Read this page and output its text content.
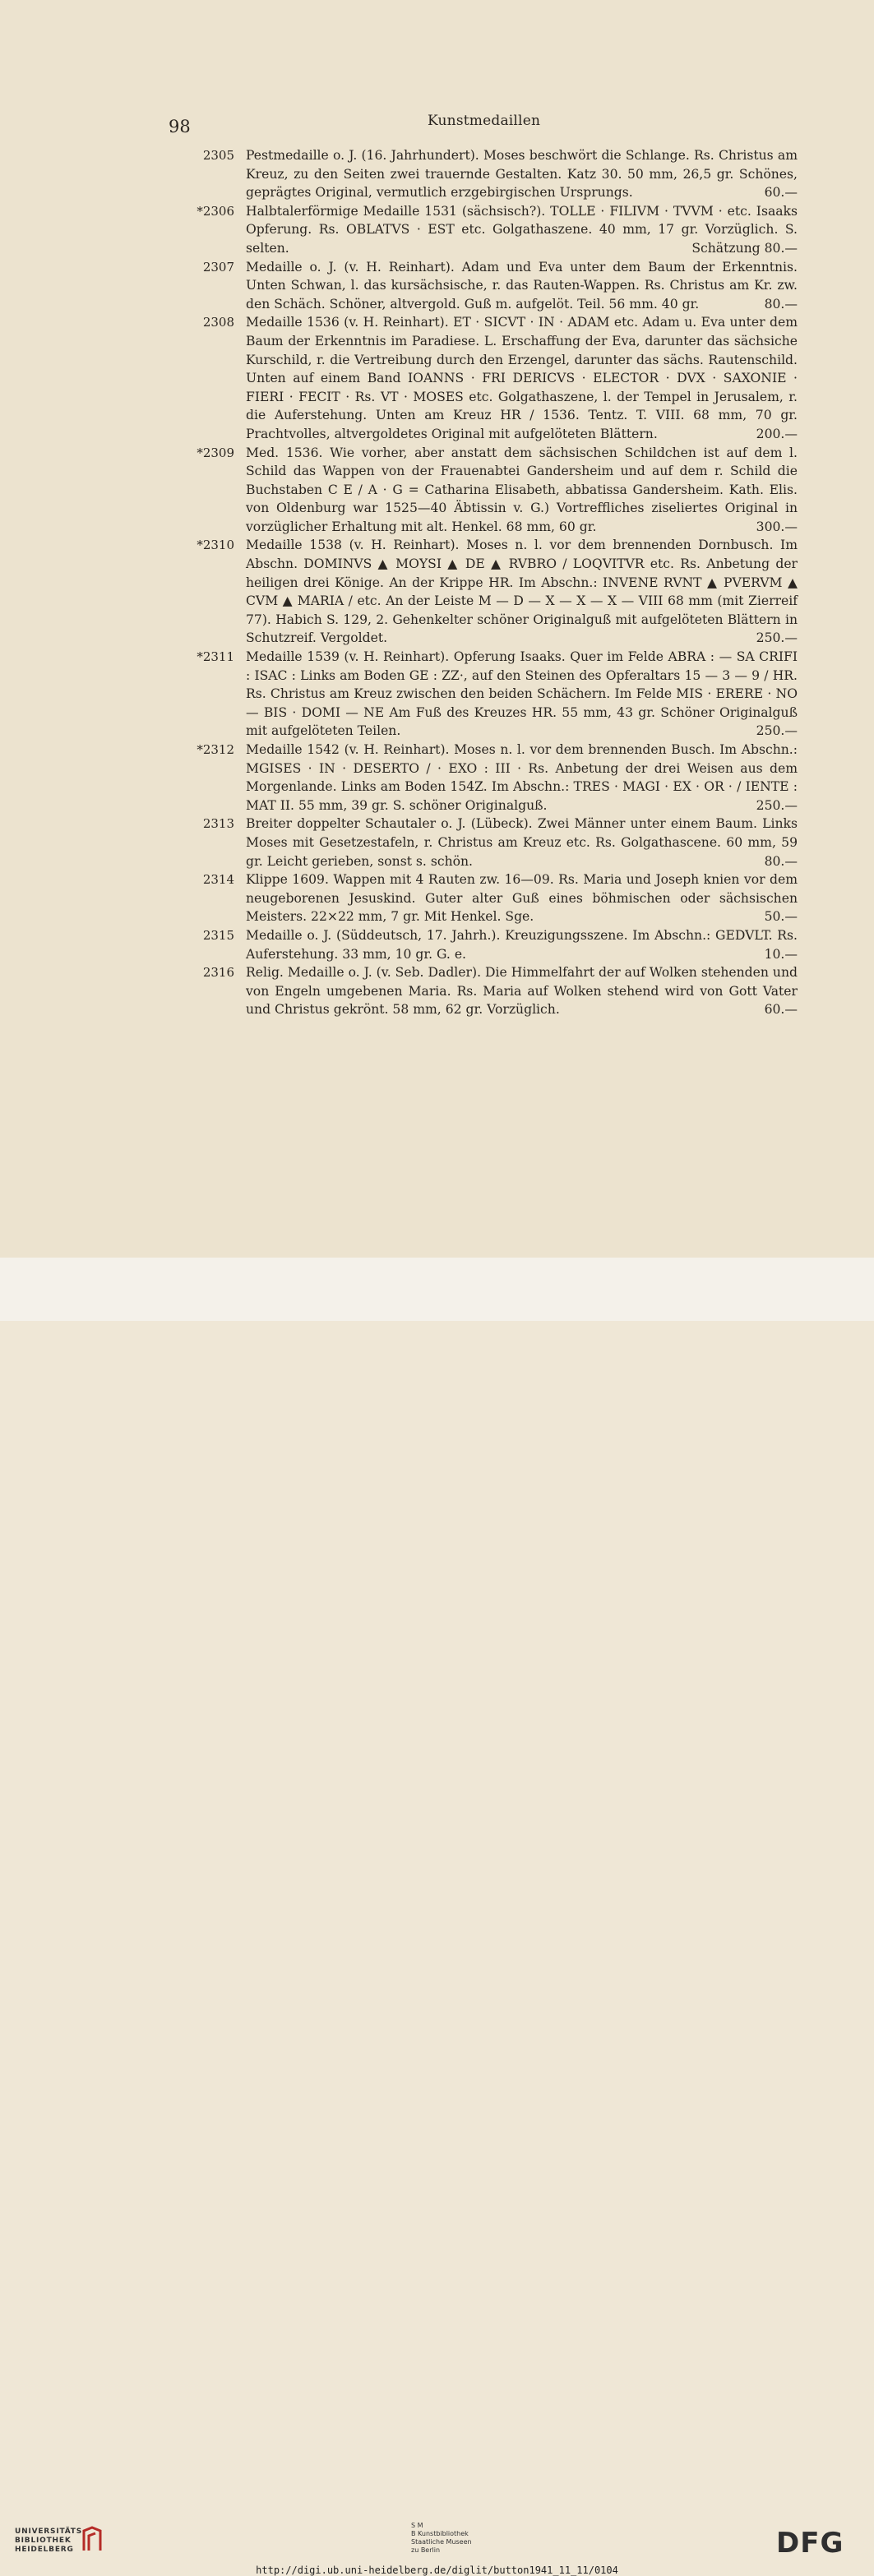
98	Kunstmedaillen
2305 Pestmedaille o. J. (16. Jahrhundert). Moses beschwört die Schlange. Rs. Christus am Kreuz, zu den Seiten zwei trauernde Gestalten. Katz 30. 50 mm, 26,5 gr. Schönes, geprägtes Original, vermutlich erzgebirgischen Ursprungs.	60.—
*2306 Halbtalerförmige Medaille 1531 (sächsisch?). TOLLE · FILIVM · TVVM · etc. Isaaks Opferung. Rs. OBLATVS · EST etc. Golgathaszene. 40 mm, 17 gr. Vorzüglich. S. selten.	Schätzung 80.—
2307 Medaille o. J. (v. H. Reinhart). Adam und Eva unter dem Baum der Erkenntnis. Unten Schwan, l. das kursächsische, r. das Rauten-Wappen. Rs. Christus am Kr. zw. den Schäch. Schöner, altvergold. Guß m. aufgelöt. Teil. 56 mm. 40 gr.	80.—
2308 Medaille 1536 (v. H. Reinhart). ET · SICVT · IN · ADAM etc. Adam u. Eva unter dem Baum der Erkenntnis im Paradiese. L. Erschaffung der Eva, darunter das sächsiche Kurschild, r. die Vertreibung durch den Erzengel, darunter das sächs. Rautenschild. Unten auf einem Band IOANNS · FRI DERICVS · ELECTOR · DVX · SAXONIE · FIERI · FECIT · Rs. VT · MOSES etc. Golgathaszene, l. der Tempel in Jerusalem, r. die Auferstehung. Unten am Kreuz HR / 1536. Tentz. T. VIII. 68 mm, 70 gr. Prachtvolles, altvergoldetes Original mit aufgelöteten Blättern.	200.—
*2309 Med. 1536. Wie vorher, aber anstatt dem sächsischen Schildchen ist auf dem l. Schild das Wappen von der Frauenabtei Gandersheim und auf dem r. Schild die Buchstaben C E / A · G = Catharina Elisabeth, abbatissa Gandersheim. Kath. Elis. von Oldenburg war 1525—40 Äbtissin v. G.) Vortreffliches ziseliertes Original in vorzüglicher Erhaltung mit alt. Henkel. 68 mm, 60 gr.	300.—
*2310 Medaille 1538 (v. H. Reinhart). Moses n. l. vor dem brennenden Dornbusch. Im Abschn. DOMINVS ▲ MOYSI ▲ DE ▲ RVBRO / LOQVITVR etc. Rs. Anbetung der heiligen drei Könige. An der Krippe HR. Im Abschn.: INVENE RVNT ▲ PVERVM ▲ CVM ▲ MARIA / etc. An der Leiste M — D — X — X — X — VIII 68 mm (mit Zierreif 77). Habich S. 129, 2. Gehenkelter schöner Originalguß mit aufgelöteten Blättern in Schutzreif. Vergoldet.	250.—
*2311 Medaille 1539 (v. H. Reinhart). Opferung Isaaks. Quer im Felde ABRA : — SA CRIFI : ISAC : Links am Boden GE : ZZ·, auf den Steinen des Opferaltars 15 — 3 — 9 / HR. Rs. Christus am Kreuz zwischen den beiden Schächern. Im Felde MIS · ERERE · NO — BIS · DOMI — NE Am Fuß des Kreuzes HR. 55 mm, 43 gr. Schöner Originalguß mit aufgelöteten Teilen.	250.—
*2312 Medaille 1542 (v. H. Reinhart). Moses n. l. vor dem brennenden Busch. Im Abschn.: MGISES · IN · DESERTO / · EXO : III · Rs. Anbetung der drei Weisen aus dem Morgenlande. Links am Boden 154Z. Im Abschn.: TRES · MAGI · EX · OR · / IENTE : MAT II. 55 mm, 39 gr. S. schöner Originalguß.	250.—
2313 Breiter doppelter Schautaler o. J. (Lübeck). Zwei Männer unter einem Baum. Links Moses mit Gesetzestafeln, r. Christus am Kreuz etc. Rs. Golgathascene. 60 mm, 59 gr. Leicht gerieben, sonst s. schön.	80.—
2314 Klippe 1609. Wappen mit 4 Rauten zw. 16—09. Rs. Maria und Joseph knien vor dem neugeborenen Jesuskind. Guter alter Guß eines böhmischen oder sächsischen Meisters. 22×22 mm, 7 gr. Mit Henkel. Sge.	50.—
2315 Medaille o. J. (Süddeutsch, 17. Jahrh.). Kreuzigungsszene. Im Abschn.: GEDVLT. Rs. Auferstehung. 33 mm, 10 gr. G. e.	10.—
2316 Relig. Medaille o. J. (v. Seb. Dadler). Die Himmelfahrt der auf Wolken stehenden und von Engeln umgebenen Maria. Rs. Maria auf Wolken stehend wird von Gott Vater und Christus gekrönt. 58 mm, 62 gr. Vorzüglich.	60.—
UNIVERSITÄTS-
BIBLIOTHEK
HEIDELBERG
S M
B Kunstbibliothek
Staatliche Museen
zu Berlin	DFG
http://digi.ub.uni-heidelberg.de/diglit/button1941_11_11/0104
